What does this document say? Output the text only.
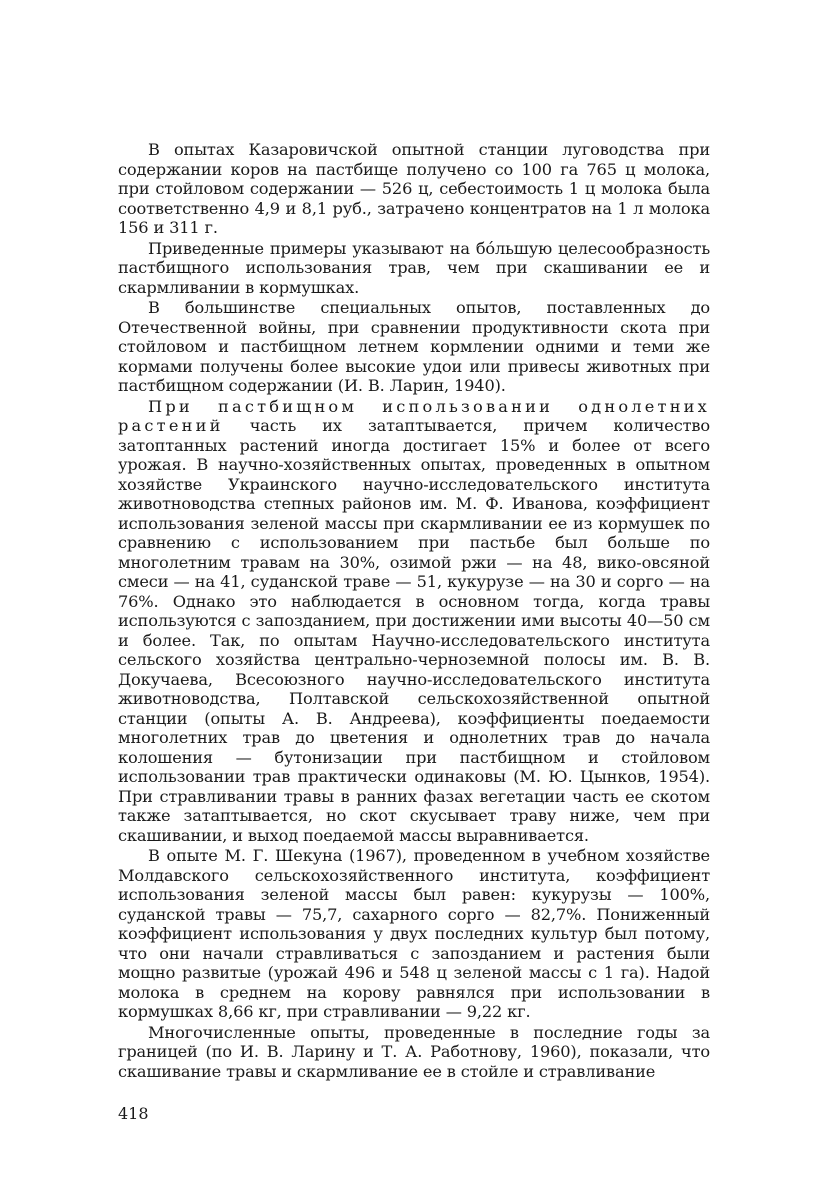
В опытах Казаровичской опытной станции луговодства при содержании коров на пастбище получено со 100 га 765 ц молока, при стойловом содержании — 526 ц, себестоимость 1 ц молока была соответственно 4,9 и 8,1 руб., затрачено концентратов на 1 л молока 156 и 311 г.

Приведенные примеры указывают на бóльшую целесообразность пастбищного использования трав, чем при скашивании ее и скармливании в кормушках.

В большинстве специальных опытов, поставленных до Отечественной войны, при сравнении продуктивности скота при стойловом и пастбищном летнем кормлении одними и теми же кормами получены более высокие удои или привесы животных при пастбищном содержании (И. В. Ларин, 1940).

При пастбищном использовании однолетних растений часть их затаптывается, причем количество затоптанных растений иногда достигает 15% и более от всего урожая. В научно-хозяйственных опытах, проведенных в опытном хозяйстве Украинского научно-исследовательского института животноводства степных районов им. М. Ф. Иванова, коэффициент использования зеленой массы при скармливании ее из кормушек по сравнению с использованием при пастьбе был больше по многолетним травам на 30%, озимой ржи — на 48, вико-овсяной смеси — на 41, суданской траве — 51, кукурузе — на 30 и сорго — на 76%. Однако это наблюдается в основном тогда, когда травы используются с запозданием, при достижении ими высоты 40—50 см и более. Так, по опытам Научно-исследовательского института сельского хозяйства центрально-черноземной полосы им. В. В. Докучаева, Всесоюзного научно-исследовательского института животноводства, Полтавской сельскохозяйственной опытной станции (опыты А. В. Андреева), коэффициенты поедаемости многолетних трав до цветения и однолетних трав до начала колошения — бутонизации при пастбищном и стойловом использовании трав практически одинаковы (М. Ю. Цынков, 1954). При стравливании травы в ранних фазах вегетации часть ее скотом также затаптывается, но скот скусывает траву ниже, чем при скашивании, и выход поедаемой массы выравнивается.

В опыте М. Г. Шекуна (1967), проведенном в учебном хозяйстве Молдавского сельскохозяйственного института, коэффициент использования зеленой массы был равен: кукурузы — 100%, суданской травы — 75,7, сахарного сорго — 82,7%. Пониженный коэффициент использования у двух последних культур был потому, что они начали стравливаться с запозданием и растения были мощно развитые (урожай 496 и 548 ц зеленой массы с 1 га). Надой молока в среднем на корову равнялся при использовании в кормушках 8,66 кг, при стравливании — 9,22 кг.

Многочисленные опыты, проведенные в последние годы за границей (по И. В. Ларину и Т. А. Работнову, 1960), показали, что скашивание травы и скармливание ее в стойле и стравливание

418
